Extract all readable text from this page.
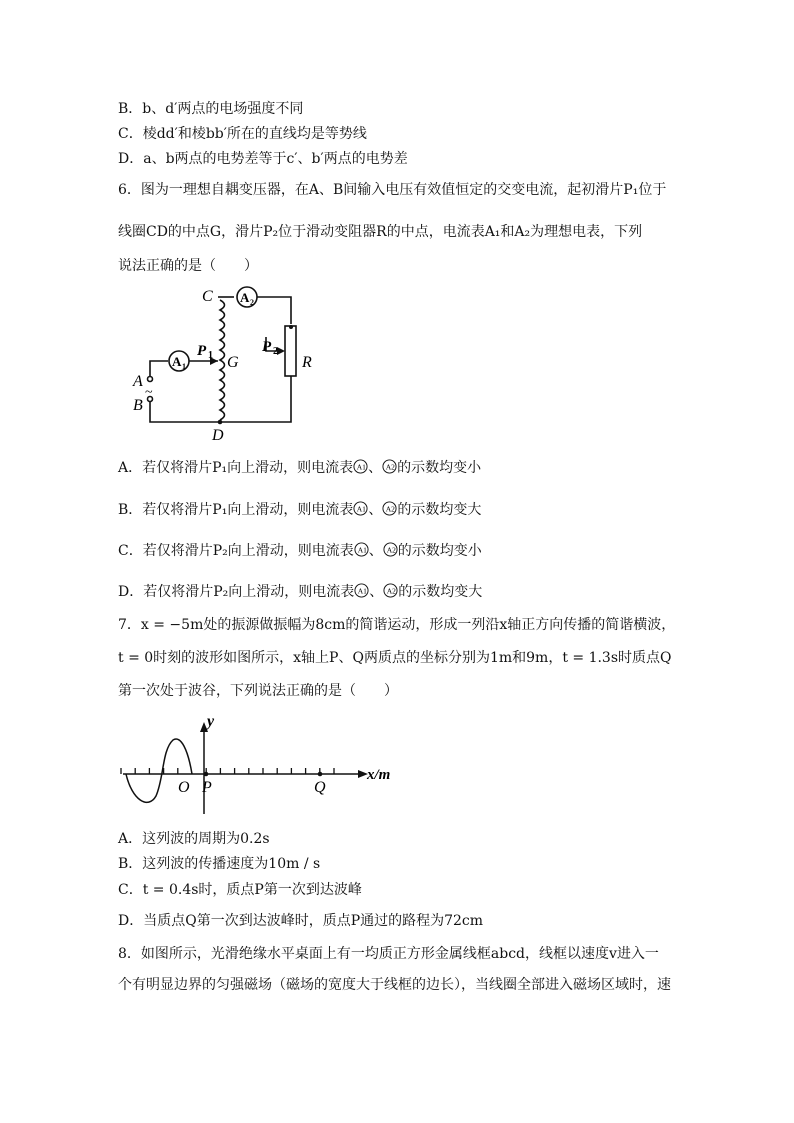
B．b、d′两点的电场强度不同
C．棱dd′和棱bb′所在的直线均是等势线
D．a、b两点的电势差等于c′、b′两点的电势差
6．图为一理想自耦变压器，在A、B间输入电压有效值恒定的交变电流，起初滑片P₁位于
线圈CD的中点G，滑片P₂位于滑动变阻器R的中点，电流表A₁和A₂为理想电表，下列
说法正确的是（　　）
C
D
A
B
~
G
P 1
P 2
R
A 1
A 2
A．若仅将滑片P₁向上滑动，则电流表 A1 、 A2 的示数均变小
B．若仅将滑片P₁向上滑动，则电流表 A1 、 A2 的示数均变大
C．若仅将滑片P₂向上滑动，则电流表 A1 、 A2 的示数均变小
D．若仅将滑片P₂向上滑动，则电流表 A1 、 A2 的示数均变大
7．x = −5m处的振源做振幅为8cm的简谐运动，形成一列沿x轴正方向传播的简谐横波，
t = 0时刻的波形如图所示，x轴上P、Q两质点的坐标分别为1m和9m，t = 1.3s时质点Q
第一次处于波谷，下列说法正确的是（　　）
y
O P	Q
x/m
A．这列波的周期为0.2s
B．这列波的传播速度为10m / s
C．t = 0.4s时，质点P第一次到达波峰
D．当质点Q第一次到达波峰时，质点P通过的路程为72cm
8．如图所示，光滑绝缘水平桌面上有一均质正方形金属线框abcd，线框以速度v进入一
个有明显边界的匀强磁场（磁场的宽度大于线框的边长），当线圈全部进入磁场区域时，速
